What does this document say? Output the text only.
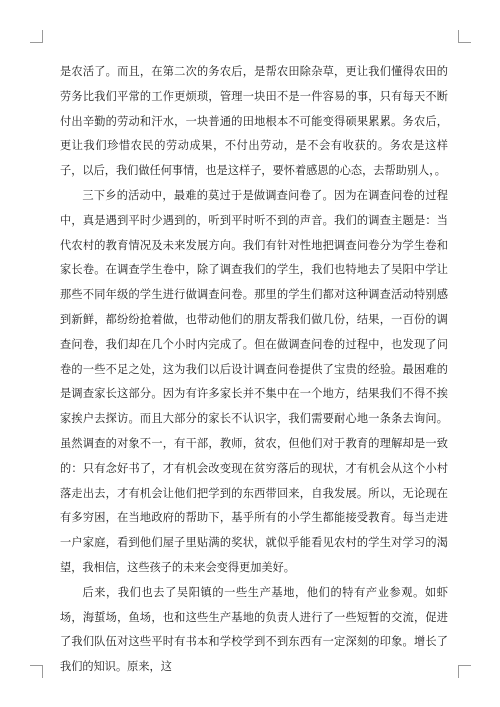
是农活了。而且，在第二次的务农后，是帮农田除杂草，更让我们懂得农田的劳务比我们平常的工作更烦琐，管理一块田不是一件容易的事，只有每天不断付出辛勤的劳动和汗水，一块普通的田地根本不可能变得硕果累累。务农后，更让我们珍惜农民的劳动成果，不付出劳动，是不会有收获的。务农是这样子，以后，我们做任何事情，也是这样子，要怀着感恩的心态，去帮助别人，。

三下乡的活动中，最难的莫过于是做调查问卷了。因为在调查问卷的过程中，真是遇到平时少遇到的，听到平时听不到的声音。我们的调查主题是：当代农村的教育情况及未来发展方向。我们有针对性地把调查问卷分为学生卷和家长卷。在调查学生卷中，除了调查我们的学生，我们也特地去了吴阳中学让那些不同年级的学生进行做调查问卷。那里的学生们都对这种调查活动特别感到新鲜，都纷纷抢着做，也带动他们的朋友帮我们做几份，结果，一百份的调查问卷，我们却在几个小时内完成了。但在做调查问卷的过程中，也发现了问卷的一些不足之处，这为我们以后设计调查问卷提供了宝贵的经验。最困难的是调查家长这部分。因为有许多家长并不集中在一个地方，结果我们不得不挨家挨户去探访。而且大部分的家长不认识字，我们需要耐心地一条条去询问。虽然调查的对象不一，有干部，教师，贫农，但他们对于教育的理解却是一致的：只有念好书了，才有机会改变现在贫穷落后的现状，才有机会从这个小村落走出去，才有机会让他们把学到的东西带回来，自我发展。所以，无论现在有多穷困，在当地政府的帮助下，基乎所有的小学生都能接受教育。每当走进一户家庭，看到他们屋子里贴满的奖状，就似乎能看见农村的学生对学习的渴望，我相信，这些孩子的未来会变得更加美好。

后来，我们也去了吴阳镇的一些生产基地，他们的特有产业参观。如虾场，海蜇场，鱼场，也和这些生产基地的负责人进行了一些短暂的交流，促进了我们队伍对这些平时有书本和学校学到不到东西有一定深刻的印象。增长了我们的知识。原来，这
